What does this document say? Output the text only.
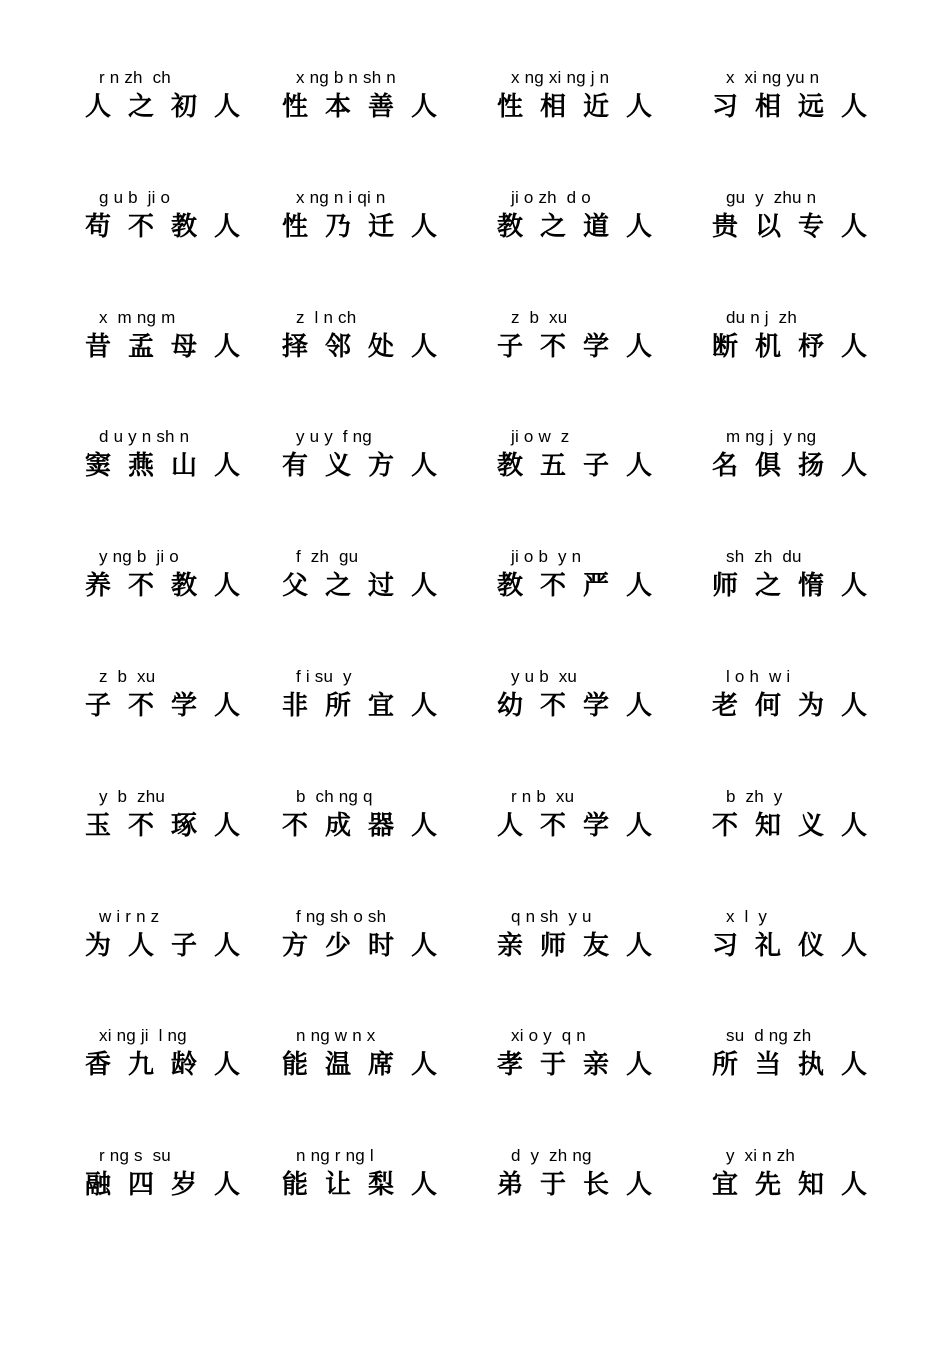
r n zh  ch
人之初人
x ng b n sh n
性本善人
x ng xi ng j n
性相近人
x  xi ng yu n
习相远人
g u b  ji o
苟不教人
x ng n i qi n
性乃迁人
ji o zh  d o
教之道人
gu  y  zhu n
贵以专人
x  m ng m
昔孟母人
z  l n ch
择邻处人
z  b  xu
子不学人
du n j  zh
断机杼人
d u y n sh n
窦燕山人
y u y  f ng
有义方人
ji o w  z
教五子人
m ng j  y ng
名俱扬人
y ng b  ji o
养不教人
f  zh  gu
父之过人
ji o b  y n
教不严人
sh  zh  du
师之惰人
z  b  xu
子不学人
f i su  y
非所宜人
y u b  xu
幼不学人
l o h  w i
老何为人
y  b  zhu
玉不琢人
b  ch ng q
不成器人
r n b  xu
人不学人
b  zh  y
不知义人
w i r n z
为人子人
f ng sh o sh
方少时人
q n sh  y u
亲师友人
x  l  y
习礼仪人
xi ng ji  l ng
香九龄人
n ng w n x
能温席人
xi o y  q n
孝于亲人
su  d ng zh
所当执人
r ng s  su
融四岁人
n ng r ng l
能让梨人
d  y  zh ng
弟于长人
y  xi n zh
宜先知人
